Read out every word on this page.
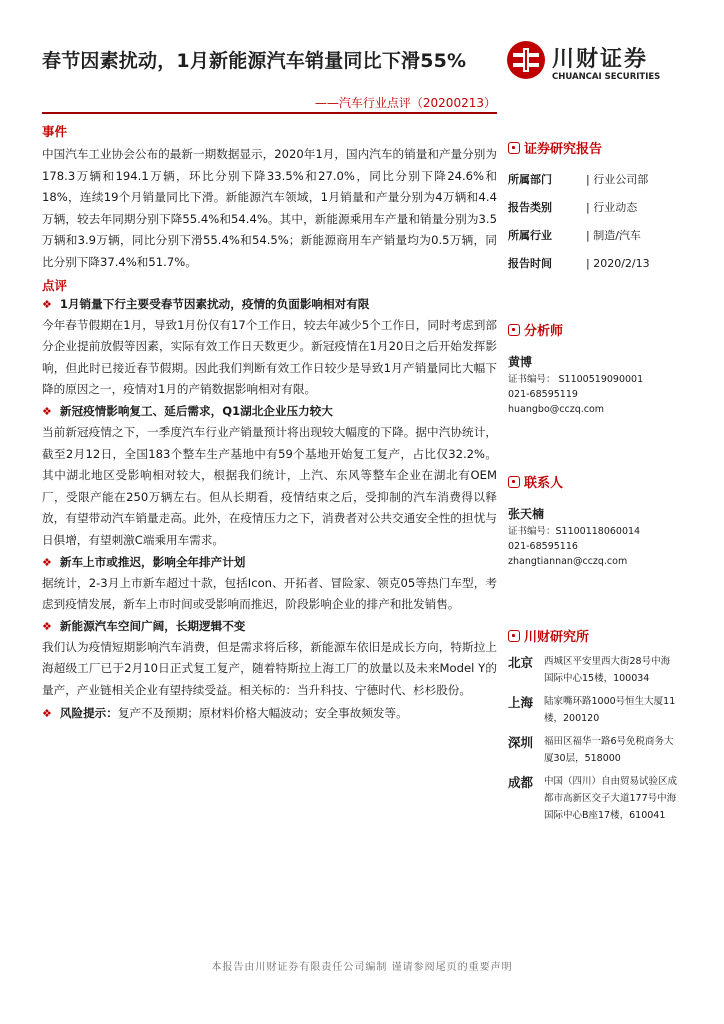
春节因素扰动，1月新能源汽车销量同比下滑55%
——汽车行业点评（20200213）
川财证券
CHUANCAI SECURITIES
事件
中国汽车工业协会公布的最新一期数据显示，2020年1月，国内汽车的销量和产量分别为178.3万辆和194.1万辆，环比分别下降33.5%和27.0%，同比分别下降24.6%和18%，连续19个月销量同比下滑。新能源汽车领域，1月销量和产量分别为4万辆和4.4万辆，较去年同期分别下降55.4%和54.4%。其中，新能源乘用车产量和销量分别为3.5万辆和3.9万辆，同比分别下滑55.4%和54.5%；新能源商用车产销量均为0.5万辆，同比分别下降37.4%和51.7%。
点评
❖ 1月销量下行主要受春节因素扰动，疫情的负面影响相对有限
今年春节假期在1月，导致1月份仅有17个工作日，较去年减少5个工作日，同时考虑到部分企业提前放假等因素，实际有效工作日天数更少。新冠疫情在1月20日之后开始发挥影响，但此时已接近春节假期。因此我们判断有效工作日较少是导致1月产销量同比大幅下降的原因之一，疫情对1月的产销数据影响相对有限。
❖ 新冠疫情影响复工、延后需求，Q1湖北企业压力较大
当前新冠疫情之下，一季度汽车行业产销量预计将出现较大幅度的下降。据中汽协统计，截至2月12日，全国183个整车生产基地中有59个基地开始复工复产，占比仅32.2%。其中湖北地区受影响相对较大，根据我们统计，上汽、东风等整车企业在湖北有OEM厂，受限产能在250万辆左右。但从长期看，疫情结束之后，受抑制的汽车消费得以释放，有望带动汽车销量走高。此外，在疫情压力之下，消费者对公共交通安全性的担忧与日俱增，有望刺激C端乘用车需求。
❖ 新车上市或推迟，影响全年排产计划
据统计，2-3月上市新车超过十款，包括Icon、开拓者、冒险家、领克05等热门车型，考虑到疫情发展，新车上市时间或受影响而推迟，阶段影响企业的排产和批发销售。
❖ 新能源汽车空间广阔，长期逻辑不变
我们认为疫情短期影响汽车消费，但是需求将后移，新能源车依旧是成长方向，特斯拉上海超级工厂已于2月10日正式复工复产，随着特斯拉上海工厂的放量以及未来Model Y的量产，产业链相关企业有望持续受益。相关标的：当升科技、宁德时代、杉杉股份。
❖ 风险提示：复产不及预期；原材料价格大幅波动；安全事故频发等。
证券研究报告
所属部门	| 行业公司部
报告类别	| 行业动态
所属行业	| 制造/汽车
报告时间	| 2020/2/13
分析师
黄博
证书编号： S1100519090001
021-68595119
huangbo@cczq.com
联系人
张天楠
证书编号：S1100118060014
021-68595116
zhangtiannan@cczq.com
川财研究所
北京	西城区平安里西大街28号中海国际中心15楼，100034
上海	陆家嘴环路1000号恒生大厦11楼，200120
深圳	福田区福华一路6号免税商务大厦30层，518000
成都	中国（四川）自由贸易试验区成都市高新区交子大道177号中海国际中心B座17楼，610041
本报告由川财证券有限责任公司编制 谨请参阅尾页的重要声明
